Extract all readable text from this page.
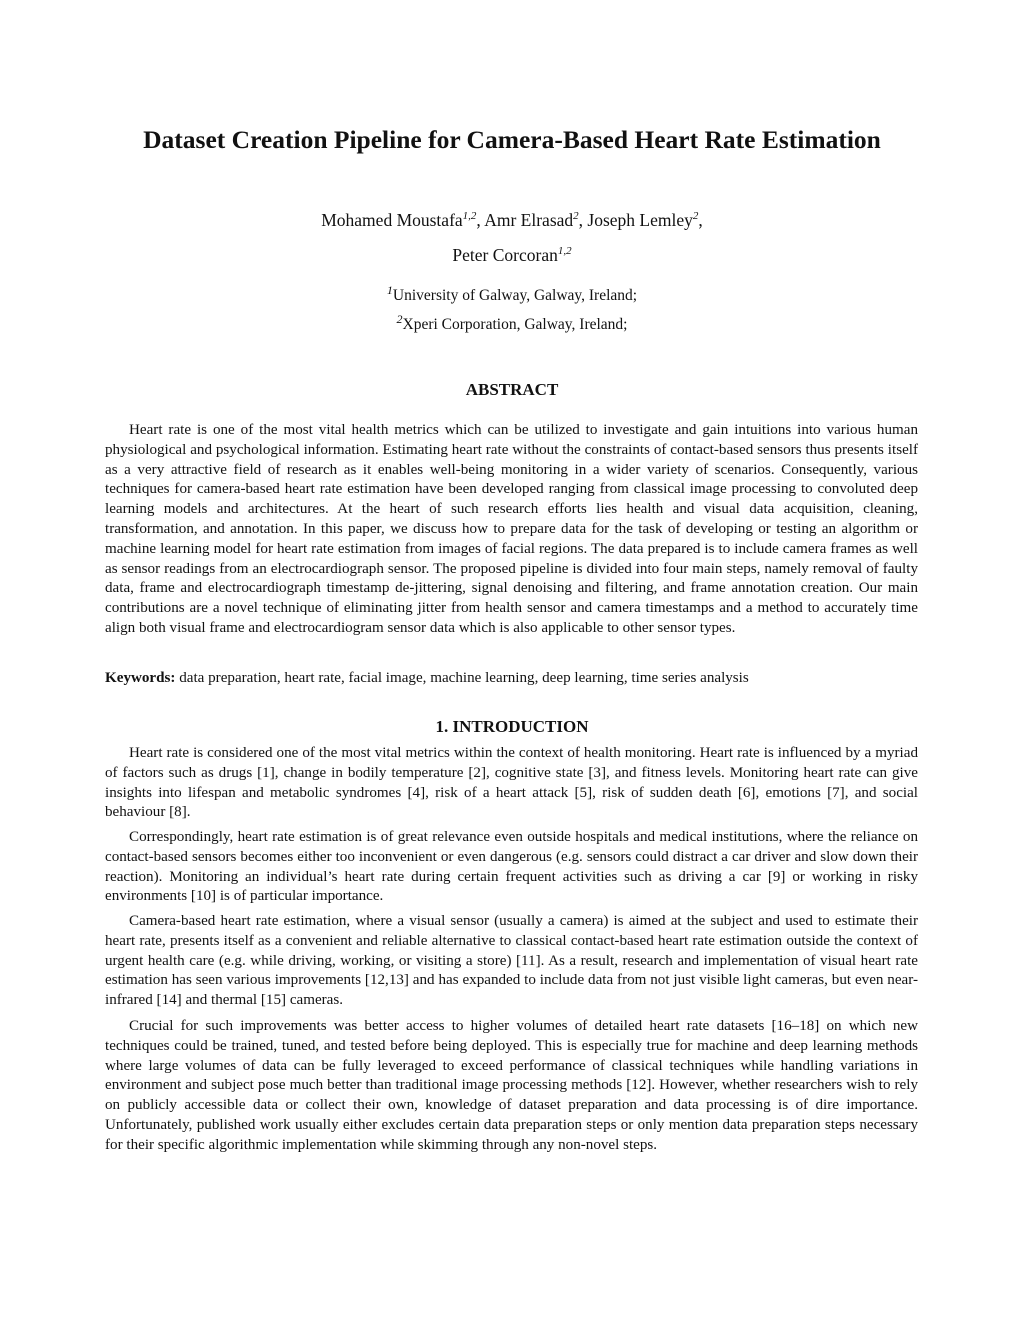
Dataset Creation Pipeline for Camera-Based Heart Rate Estimation
Mohamed Moustafa$^{1,2}$, Amr Elrasad$^2$, Joseph Lemley$^2$,
Peter Corcoran$^{1,2}$
$^1$University of Galway, Galway, Ireland;
$^2$Xperi Corporation, Galway, Ireland;
ABSTRACT

Heart rate is one of the most vital health metrics which can be utilized to investigate and gain intuitions into various human physiological and psychological information. Estimating heart rate without the constraints of contact-based sensors thus presents itself as a very attractive field of research as it enables well-being monitoring in a wider variety of scenarios. Consequently, various techniques for camera-based heart rate estimation have been developed ranging from classical image processing to convoluted deep learning models and architectures. At the heart of such research efforts lies health and visual data acquisition, cleaning, transformation, and annotation. In this paper, we discuss how to prepare data for the task of developing or testing an algorithm or machine learning model for heart rate estimation from images of facial regions. The data prepared is to include camera frames as well as sensor readings from an electrocardiograph sensor. The proposed pipeline is divided into four main steps, namely removal of faulty data, frame and electrocardiograph timestamp de-jittering, signal denoising and filtering, and frame annotation creation. Our main contributions are a novel technique of eliminating jitter from health sensor and camera timestamps and a method to accurately time align both visual frame and electrocardiogram sensor data which is also applicable to other sensor types.

Keywords: data preparation, heart rate, facial image, machine learning, deep learning, time series analysis

1. INTRODUCTION

Heart rate is considered one of the most vital metrics within the context of health monitoring. Heart rate is influenced by a myriad of factors such as drugs [1], change in bodily temperature [2], cognitive state [3], and fitness levels. Monitoring heart rate can give insights into lifespan and metabolic syndromes [4], risk of a heart attack [5], risk of sudden death [6], emotions [7], and social behaviour [8].

Correspondingly, heart rate estimation is of great relevance even outside hospitals and medical institutions, where the reliance on contact-based sensors becomes either too inconvenient or even dangerous (e.g. sensors could distract a car driver and slow down their reaction). Monitoring an individual’s heart rate during certain frequent activities such as driving a car [9] or working in risky environments [10] is of particular importance.

Camera-based heart rate estimation, where a visual sensor (usually a camera) is aimed at the subject and used to estimate their heart rate, presents itself as a convenient and reliable alternative to classical contact-based heart rate estimation outside the context of urgent health care (e.g. while driving, working, or visiting a store) [11]. As a result, research and implementation of visual heart rate estimation has seen various improvements [12,13] and has expanded to include data from not just visible light cameras, but even near-infrared [14] and thermal [15] cameras.

Crucial for such improvements was better access to higher volumes of detailed heart rate datasets [16–18] on which new techniques could be trained, tuned, and tested before being deployed. This is especially true for machine and deep learning methods where large volumes of data can be fully leveraged to exceed performance of classical techniques while handling variations in environment and subject pose much better than traditional image processing methods [12]. However, whether researchers wish to rely on publicly accessible data or collect their own, knowledge of dataset preparation and data processing is of dire importance. Unfortunately, published work usually either excludes certain data preparation steps or only mention data preparation steps necessary for their specific algorithmic implementation while skimming through any non-novel steps.
